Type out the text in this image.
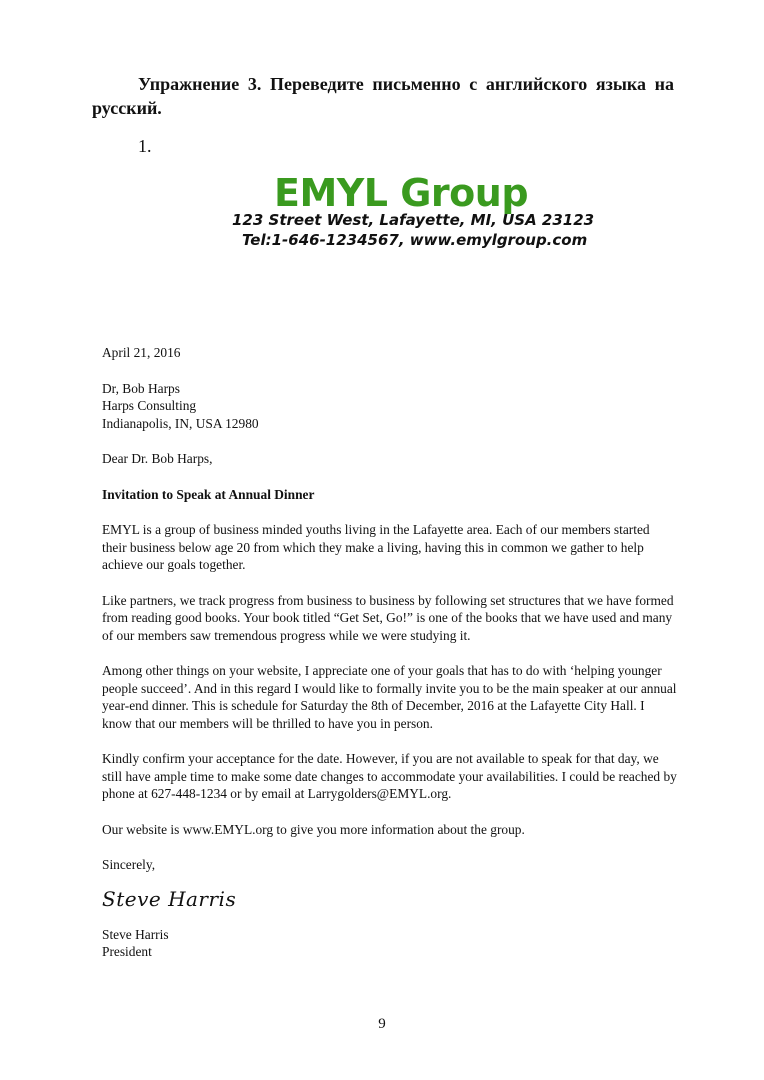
Упражнение 3. Переведите письменно с английского языка на русский.

1.
EMYL Group
123 Street West, Lafayette, MI, USA 23123
Tel:1-646-1234567, www.emylgroup.com

April 21, 2016

Dr, Bob Harps
Harps Consulting
Indianapolis, IN, USA 12980

Dear Dr. Bob Harps,

Invitation to Speak at Annual Dinner

EMYL is a group of business minded youths living in the Lafayette area. Each of our members started their business below age 20 from which they make a living, having this in common we gather to help achieve our goals together.

Like partners, we track progress from business to business by following set structures that we have formed from reading good books. Your book titled “Get Set, Go!” is one of the books that we have used and many of our members saw tremendous progress while we were studying it.

Among other things on your website, I appreciate one of your goals that has to do with ‘helping younger people succeed’. And in this regard I would like to formally invite you to be the main speaker at our annual year-end dinner. This is schedule for Saturday the 8th of December, 2016 at the Lafayette City Hall. I know that our members will be thrilled to have you in person.

Kindly confirm your acceptance for the date. However, if you are not available to speak for that day, we still have ample time to make some date changes to accommodate your availabilities. I could be reached by phone at 627-448-1234 or by email at Larrygolders@EMYL.org.

Our website is www.EMYL.org to give you more information about the group.

Sincerely,

Steve Harris
Steve Harris
President
9
